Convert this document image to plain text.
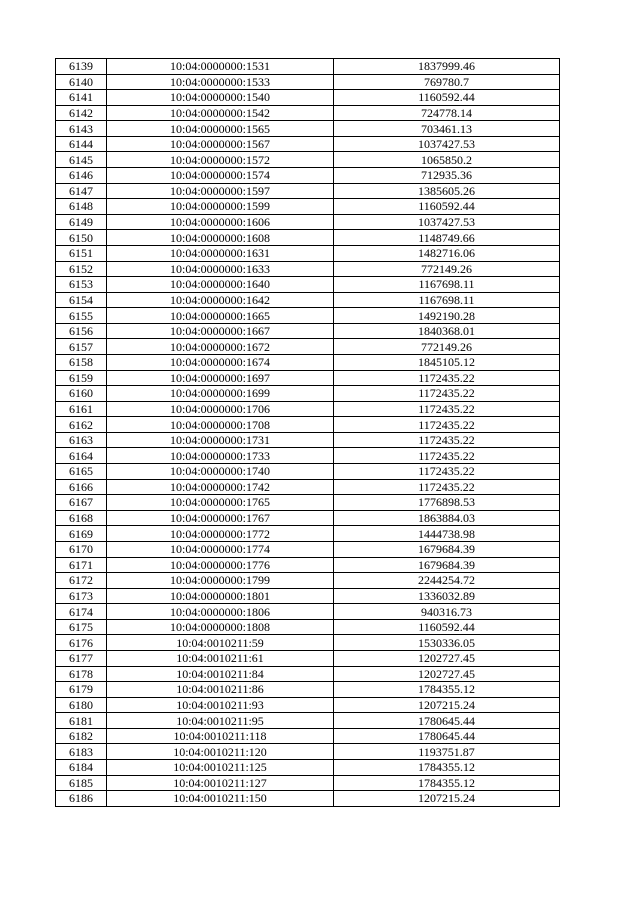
6139	10:04:0000000:1531	1837999.46
6140	10:04:0000000:1533	769780.7
6141	10:04:0000000:1540	1160592.44
6142	10:04:0000000:1542	724778.14
6143	10:04:0000000:1565	703461.13
6144	10:04:0000000:1567	1037427.53
6145	10:04:0000000:1572	1065850.2
6146	10:04:0000000:1574	712935.36
6147	10:04:0000000:1597	1385605.26
6148	10:04:0000000:1599	1160592.44
6149	10:04:0000000:1606	1037427.53
6150	10:04:0000000:1608	1148749.66
6151	10:04:0000000:1631	1482716.06
6152	10:04:0000000:1633	772149.26
6153	10:04:0000000:1640	1167698.11
6154	10:04:0000000:1642	1167698.11
6155	10:04:0000000:1665	1492190.28
6156	10:04:0000000:1667	1840368.01
6157	10:04:0000000:1672	772149.26
6158	10:04:0000000:1674	1845105.12
6159	10:04:0000000:1697	1172435.22
6160	10:04:0000000:1699	1172435.22
6161	10:04:0000000:1706	1172435.22
6162	10:04:0000000:1708	1172435.22
6163	10:04:0000000:1731	1172435.22
6164	10:04:0000000:1733	1172435.22
6165	10:04:0000000:1740	1172435.22
6166	10:04:0000000:1742	1172435.22
6167	10:04:0000000:1765	1776898.53
6168	10:04:0000000:1767	1863884.03
6169	10:04:0000000:1772	1444738.98
6170	10:04:0000000:1774	1679684.39
6171	10:04:0000000:1776	1679684.39
6172	10:04:0000000:1799	2244254.72
6173	10:04:0000000:1801	1336032.89
6174	10:04:0000000:1806	940316.73
6175	10:04:0000000:1808	1160592.44
6176	10:04:0010211:59	1530336.05
6177	10:04:0010211:61	1202727.45
6178	10:04:0010211:84	1202727.45
6179	10:04:0010211:86	1784355.12
6180	10:04:0010211:93	1207215.24
6181	10:04:0010211:95	1780645.44
6182	10:04:0010211:118	1780645.44
6183	10:04:0010211:120	1193751.87
6184	10:04:0010211:125	1784355.12
6185	10:04:0010211:127	1784355.12
6186	10:04:0010211:150	1207215.24
